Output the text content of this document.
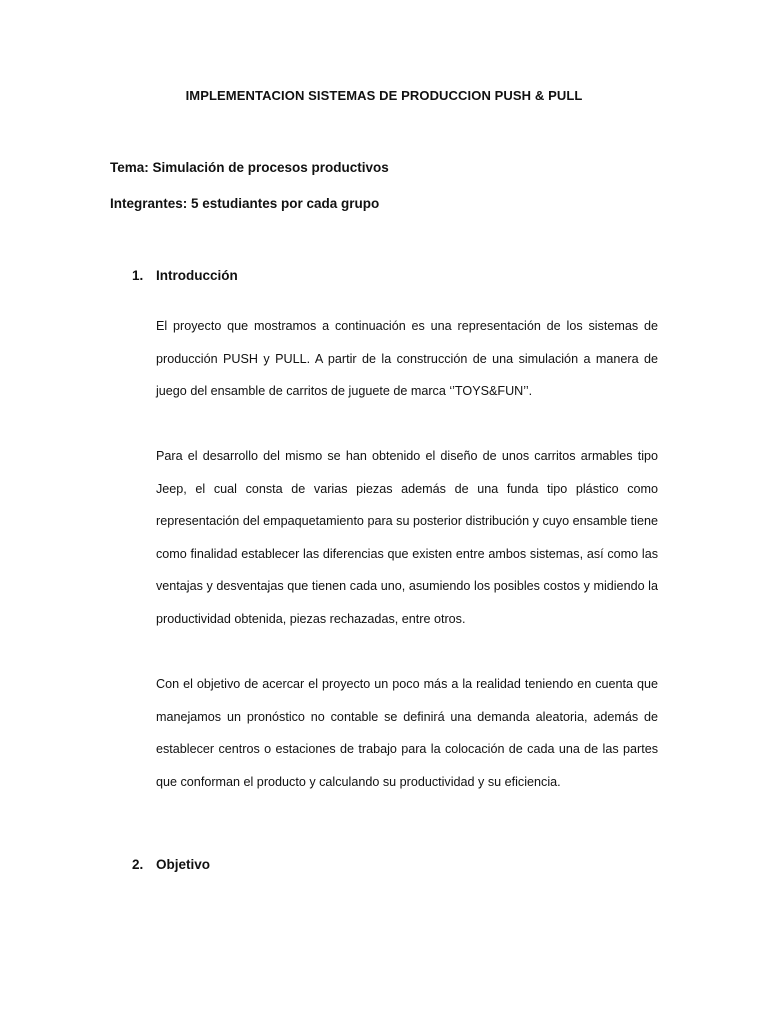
IMPLEMENTACION SISTEMAS DE PRODUCCION PUSH & PULL
Tema: Simulación de procesos productivos
Integrantes: 5 estudiantes por cada grupo
1. Introducción

El proyecto que mostramos a continuación es una representación de los sistemas de producción PUSH y PULL. A partir de la construcción de una simulación a manera de juego del ensamble de carritos de juguete de marca ‘’TOYS&FUN’’.

Para el desarrollo del mismo se han obtenido el diseño de unos carritos armables tipo Jeep, el cual consta de varias piezas además de una funda tipo plástico como representación del empaquetamiento para su posterior distribución y cuyo ensamble tiene como finalidad establecer las diferencias que existen entre ambos sistemas, así como las ventajas y desventajas que tienen cada uno, asumiendo los posibles costos y midiendo la productividad obtenida, piezas rechazadas, entre otros.

Con el objetivo de acercar el proyecto un poco más a la realidad teniendo en cuenta que manejamos un pronóstico no contable se definirá una demanda aleatoria, además de establecer centros o estaciones de trabajo para la colocación de cada una de las partes que conforman el producto y calculando su productividad y su eficiencia.

2. Objetivo
